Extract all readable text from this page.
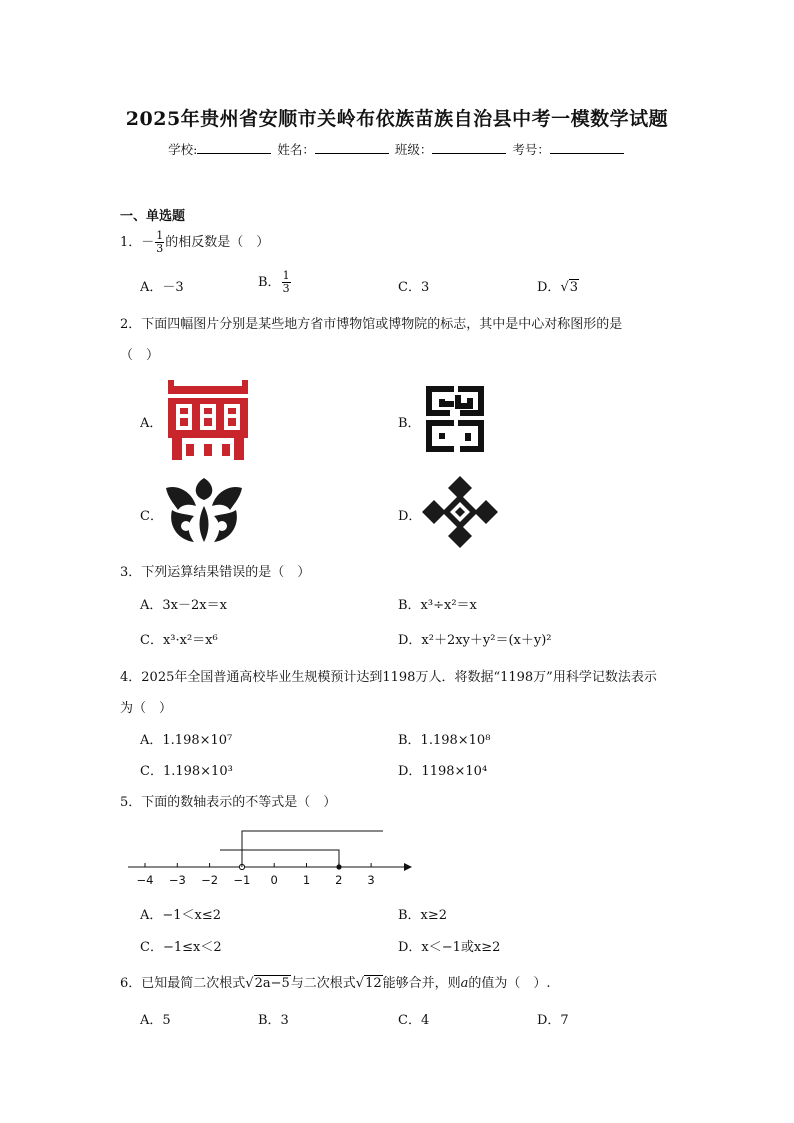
2025年贵州省安顺市关岭布依族苗族自治县中考一模数学试题
学校:	姓名：	班级：	考号：
一、单选题
1．－ $\frac{1}{3}$ 的相反数是（　）
A．－3	B． $\frac{1}{3}$	C．3	D．√3
2．下面四幅图片分别是某些地方省市博物馆或博物院的标志，其中是中心对称图形的是
（　）
A．	B．
C．	D．
3．下列运算结果错误的是（　）
A．3x－2x＝x	B．x³÷x²＝x
C．x³·x²＝x⁶	D．x²＋2xy＋y²＝(x＋y)²
4．2025年全国普通高校毕业生规模预计达到1198万人．将数据“1198万”用科学记数法表示
为（　）
A．1.198×10⁷	B．1.198×10⁸
C．1.198×10³	D．1198×10⁴
5．下面的数轴表示的不等式是（　）
−4 −3 −2 −1 0 1 2 3
A．−1＜x≤2	B．x≥2
C．−1≤x＜2	D．x＜−1或x≥2
6．已知最简二次根式√2a−5与二次根式√12能够合并，则a的值为（　）.
A．5	B．3	C．4	D．7
